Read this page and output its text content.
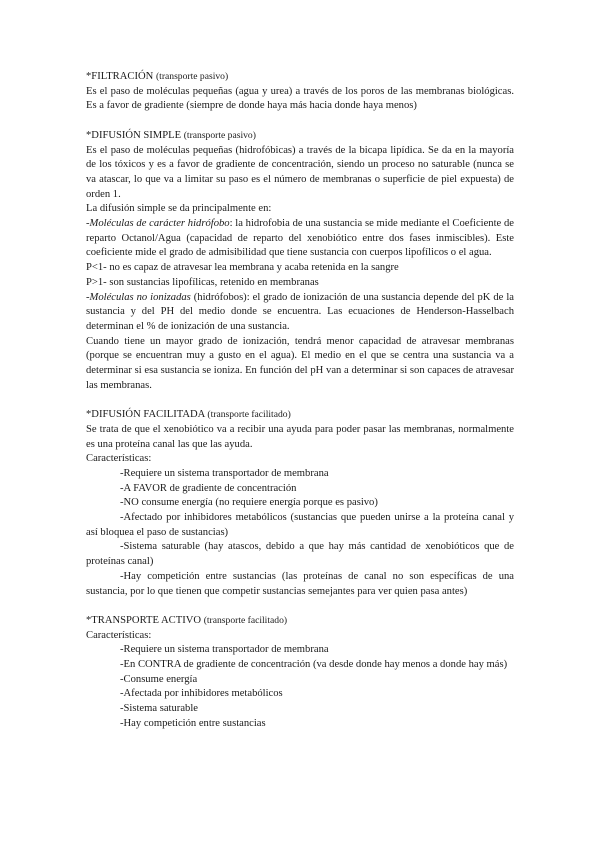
*FILTRACIÓN (transporte pasivo)

Es el paso de moléculas pequeñas (agua y urea) a través de los poros de las membranas biológicas. Es a favor de gradiente (siempre de donde haya más hacia donde haya menos)

*DIFUSIÓN SIMPLE (transporte pasivo)

Es el paso de moléculas pequeñas (hidrofóbicas) a través de la bicapa lipídica. Se da en la mayoría de los tóxicos y es a favor de gradiente de concentración, siendo un proceso no saturable (nunca se va atascar, lo que va a limitar su paso es el número de membranas o superficie de piel expuesta) de orden 1.

La difusión simple se da principalmente en:

-Moléculas de carácter hidrófobo: la hidrofobia de una sustancia se mide mediante el Coeficiente de reparto Octanol/Agua (capacidad de reparto del xenobiótico entre dos fases inmiscibles). Este coeficiente mide el grado de admisibilidad que tiene sustancia con cuerpos lipofílicos o el agua.

P<1- no es capaz de atravesar lea membrana y acaba retenida en la sangre

P>1- son sustancias lipofílicas, retenido en membranas

-Moléculas no ionizadas (hidrófobos): el grado de ionización de una sustancia depende del pK de la sustancia y del PH del medio donde se encuentra. Las ecuaciones de Henderson-Hasselbach determinan el % de ionización de una sustancia.

Cuando tiene un mayor grado de ionización, tendrá menor capacidad de atravesar membranas (porque se encuentran muy a gusto en el agua). El medio en el que se centra una sustancia va a determinar si esa sustancia se ioniza. En función del pH van a determinar si son capaces de atravesar las membranas.

*DIFUSIÓN FACILITADA (transporte facilitado)

Se trata de que el xenobiótico va a recibir una ayuda para poder pasar las membranas, normalmente es una proteína canal las que las ayuda.

Características:

-Requiere un sistema transportador de membrana
-A FAVOR de gradiente de concentración
-NO consume energía (no requiere energía porque es pasivo)
-Afectado por inhibidores metabólicos (sustancias que pueden unirse a la proteína canal y así bloquea el paso de sustancias)
-Sistema saturable (hay atascos, debido a que hay más cantidad de xenobióticos que de proteínas canal)
-Hay competición entre sustancias (las proteínas de canal no son específicas de una sustancia, por lo que tienen que competir sustancias semejantes para ver quien pasa antes)

*TRANSPORTE ACTIVO (transporte facilitado)

Características:

-Requiere un sistema transportador de membrana
-En CONTRA de gradiente de concentración (va desde donde hay menos a donde hay más)
-Consume energía
-Afectada por inhibidores metabólicos
-Sistema saturable
-Hay competición entre sustancias
